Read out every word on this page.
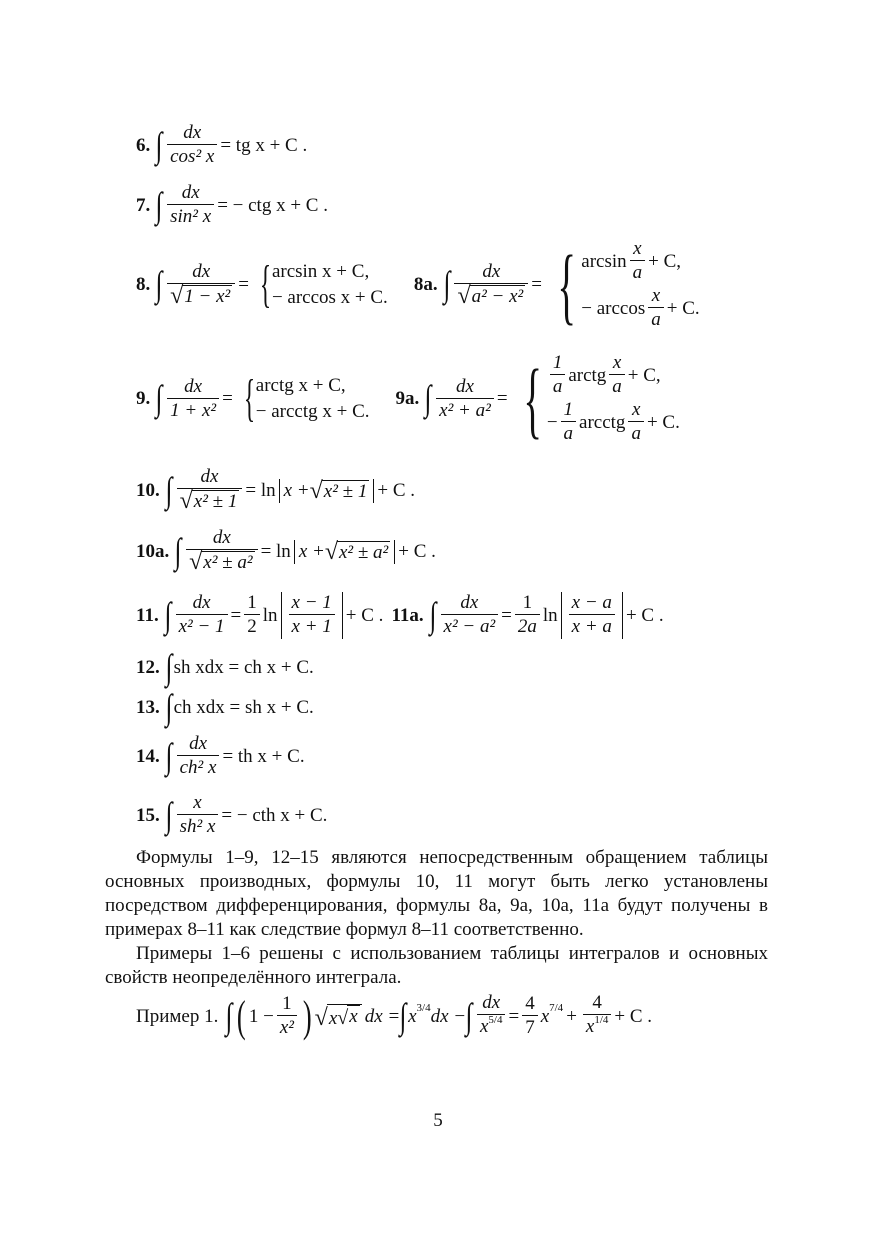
6. ∫ $\frac{dx}{\text{cos² x}}$ = tg x + C .
7. ∫ $\frac{dx}{\text{sin² x}}$ = − ctg x + C .
8. ∫ $\frac{dx}{\text{√ 1 − x²}}$ = { arcsin x + C,
− arccos x + C.
8a. ∫ $\frac{dx}{\text{√ a² − x²}}$ = { $\arcsin \frac{x}{a} + C$,
− $\arccos \frac{x}{a} + C$.
9. ∫ $\frac{dx}{\text{1 + x²}}$ = { arctg x + C,
− arcctg x + C.
9a. ∫ $\frac{dx}{\text{x² + a²}}$ = { $\frac{1}{a}$ arctg $\frac{x}{a} + C$,
− $\frac{1}{a}$ arcctg $\frac{x}{a} + C$.
10. ∫ $\frac{dx}{\text{√ x² ± 1}} = \ln x$ + √ x² ± 1 + C .
10a. ∫ $\frac{dx}{\text{√ x² ± a²}} = \ln x$ + √ x² ± a² + C .
11. ∫ $\frac{dx}{\text{x² − 1}} = \frac{1}{2}$ $\ln \frac{x - 1}{x + 1} + C$ . 11a. ∫ $\frac{dx}{\text{x² − a²}} = \frac{1}{2a}$ $\ln \frac{x - a}{x + a} + C$ .
12. ∫ sh xdx = ch x + C.
13. ∫ ch xdx = sh x + C.
14. ∫ $\frac{dx}{\text{ch² x}}$ = th x + C.
15. ∫ $\frac{x}{\text{sh² x}}$ = − cth x + C.
Формулы 1–9, 12–15 являются непосредственным обращением таблицы основных производных, формулы 10, 11 могут быть легко установлены посредством дифференцирования, формулы 8a, 9a, 10a, 11a будут получены в примерах 8–11 как следствие формул 8–11 соответственно.
Примеры 1–6 решены с использованием таблицы интегралов и основных свойств неопределённого интеграла.
Пример 1. ∫ ( $1 - \frac{1}{\text{x²}}$ ) √ x √ x dx = ∫ x 3/4 dx − ∫ $\frac{dx}{x^{5/4}} = \frac{4}{7}$ x $7/4 + \frac{4}{x^{1/4}} + C$ .
5
